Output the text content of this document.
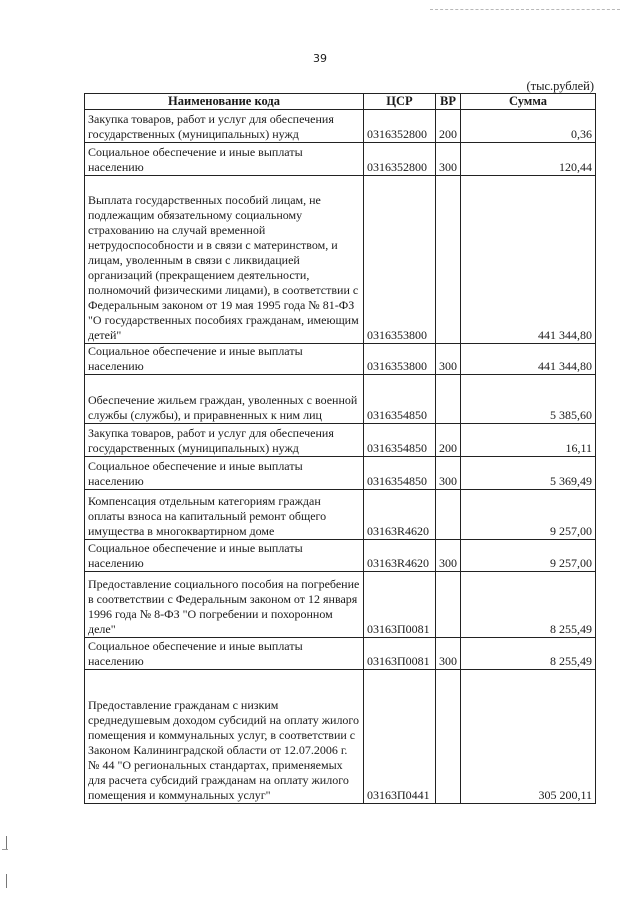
39
(тыс.рублей)
Наименование кода	ЦСР	ВР	Сумма
Закупка товаров, работ и услуг для обеспечения государственных (муниципальных) нужд	0316352800	200	0,36
Социальное обеспечение и иные выплаты населению	0316352800	300	120,44
Выплата государственных пособий лицам, не подлежащим обязательному социальному страхованию на случай временной нетрудоспособности и в связи с материнством, и лицам, уволенным в связи с ликвидацией организаций (прекращением деятельности, полномочий физическими лицами), в соответствии с Федеральным законом от 19 мая 1995 года № 81-ФЗ "О государственных пособиях гражданам, имеющим детей"	0316353800		441 344,80
Социальное обеспечение и иные выплаты населению	0316353800	300	441 344,80
Обеспечение жильем граждан, уволенных с военной службы (службы), и приравненных к ним лиц	0316354850		5 385,60
Закупка товаров, работ и услуг для обеспечения государственных (муниципальных) нужд	0316354850	200	16,11
Социальное обеспечение и иные выплаты населению	0316354850	300	5 369,49
Компенсация отдельным категориям граждан оплаты взноса на капитальный ремонт общего имущества в многоквартирном доме	03163R4620		9 257,00
Социальное обеспечение и иные выплаты населению	03163R4620	300	9 257,00
Предоставление социального пособия на погребение в соответствии с Федеральным законом от 12 января 1996 года № 8-ФЗ "О погребении и похоронном деле"	03163П0081		8 255,49
Социальное обеспечение и иные выплаты населению	03163П0081	300	8 255,49
Предоставление гражданам с низким среднедушевым доходом субсидий на оплату жилого помещения и коммунальных услуг, в соответствии с Законом Калининградской области от 12.07.2006 г. № 44 "О региональных стандартах, применяемых для расчета субсидий гражданам на оплату жилого помещения и коммунальных услуг"	03163П0441		305 200,11
